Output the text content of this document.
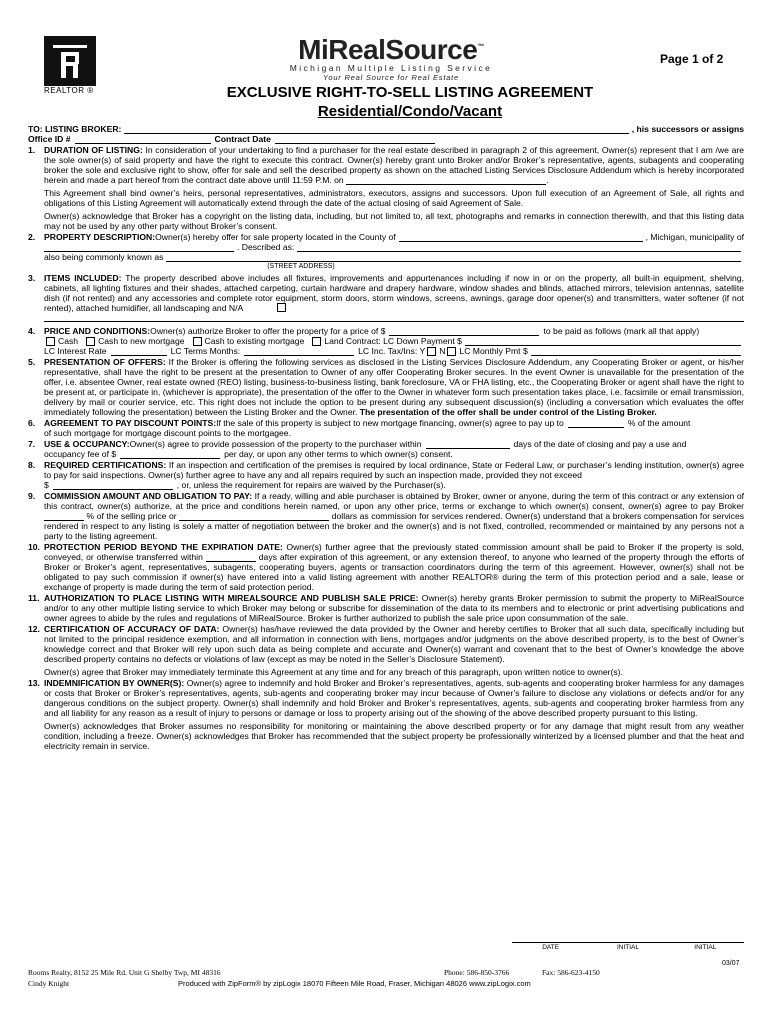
REALTOR ®
MiRealSource™
Michigan Multiple Listing Service
Your Real Source for Real Estate
Page 1 of 2
EXCLUSIVE RIGHT-TO-SELL LISTING AGREEMENT
Residential/Condo/Vacant
TO: LISTING BROKER:	, his successors or assigns
Office ID #	Contract Date
1. DURATION OF LISTING: In consideration of your undertaking to find a purchaser for the real estate described in paragraph 2 of this agreement, Owner(s) represent that I am /we are the sole owner(s) of said property and have the right to execute this contract. Owner(s) hereby grant unto Broker and/or Broker’s representative, agents, subagents and cooperating broker the sole and exclusive right to show, offer for sale and sell the described property as shown on the attached Listing Services Disclosure Addendum which is hereby incorporated herein and made a part hereof from the contract date above until 11:59 P.M. on	.
This Agreement shall bind owner’s heirs, personal representatives, administrators, executors, assigns and successors. Upon full execution of an Agreement of Sale, all rights and obligations of this Listing Agreement will automatically extend through the date of the actual closing of said Agreement of Sale.
Owner(s) acknowledge that Broker has a copyright on the listing data, including, but not limited to, all text, photographs and remarks in connection therewith, and that this listing data may not be used by any other party without Broker’s consent.
2. PROPERTY DESCRIPTION: Owner(s) hereby offer for sale property located in the County of	, Michigan, municipality of
. Described as:
also being commonly known as
(STREET ADDRESS)
3. ITEMS INCLUDED: The property described above includes all fixtures, improvements and appurtenances including if now in or on the property, all built-in equipment, shelving, cabinets, all lighting fixtures and their shades, attached carpeting, curtain hardware and drapery hardware, window shades and blinds, attached mirrors, television antennas, satellite dish (if not rented) and any accessories and complete rotor equipment, storm doors, storm windows, screens, awnings, garage door opener(s) and transmitters, water softener (if not rented), attached humidifier, all landscaping and N/A
4. PRICE AND CONDITIONS: Owner(s) authorize Broker to offer the property for a price of $	to be paid as follows (mark all that apply)
Cash Cash to new mortgage Cash to existing mortgage Land Contract: LC Down Payment $
LC Interest Rate	LC Terms Months:	LC Inc. Tax/Ins: Y N LC Monthly Pmt $
5. PRESENTATION OF OFFERS: If the Broker is offering the following services as disclosed in the Listing Services Disclosure Addendum, any Cooperating Broker or agent, or his/her representative, shall have the right to be present at the presentation to Owner of any offer Cooperating Broker secures. In the event Owner is unavailable for the presentation of the offer, i.e. absentee Owner, real estate owned (REO) listing, business-to-business listing, bank foreclosure, VA or FHA listing, etc., the Cooperating Broker or agent shall have the right to be present at, or participate in, (whichever is appropriate), the presentation of the offer to the Owner in whatever form such presentation takes place, i.e. facsimile or email transmission, delivery by mail or courier service, etc. This right does not include the option to be present during any subsequent discussion(s) (including a conversation which evaluates the offer immediately following the presentation) between the Listing Broker and the Owner. The presentation of the offer shall be under control of the Listing Broker.
6. AGREEMENT TO PAY DISCOUNT POINTS: If the sale of this property is subject to new mortgage financing, owner(s) agree to pay up to	% of the amount
of such mortgage for mortgage discount points to the mortgagee.
7. USE & OCCUPANCY: Owner(s) agree to provide possession of the property to the purchaser within	days of the date of closing and pay a use and
occupancy fee of $	per day, or upon any other terms to which owner(s) consent.
8. REQUIRED CERTIFICATIONS: If an inspection and certification of the premises is required by local ordinance, State or Federal Law, or purchaser’s lending institution, owner(s) agree to pay for said inspections. Owner(s) further agree to have any and all repairs required by such an inspection made, provided they not exceed
$	, or, unless the requirement for repairs are waived by the Purchaser(s).
9. COMMISSION AMOUNT AND OBLIGATION TO PAY: If a ready, willing and able purchaser is obtained by Broker, owner or anyone, during the term of this contract or any extension of this contract, owner(s) authorize, at the price and conditions herein named, or upon any other price, terms or exchange to which owner(s) consent, owner(s) agree to pay Broker  % of the selling price or	dollars as commission for services rendered. Owner(s) understand that a brokers compensation for services rendered in respect to any listing is solely a matter of negotiation between the broker and the owner(s) and is not fixed, controlled, recommended or maintained by any persons not a party to the listing agreement.
10. PROTECTION PERIOD BEYOND THE EXPIRATION DATE: Owner(s) further agree that the previously stated commission amount shall be paid to Broker if the property is sold, conveyed, or otherwise transferred within	days after expiration of this agreement, or any extension thereof, to anyone who learned of the property through the efforts of Broker or Broker’s agent, representatives, subagents, cooperating buyers, agents or transaction coordinators during the term of this agreement. However, owner(s) shall not be obligated to pay such commission if owner(s) have entered into a valid listing agreement with another REALTOR® during the term of this protection period and a sale, lease or exchange of property is made during the term of said protection period.
11. AUTHORIZATION TO PLACE LISTING WITH MIREALSOURCE AND PUBLISH SALE PRICE: Owner(s) hereby grants Broker permission to submit the property to MiRealSource and/or to any other multiple listing service to which Broker may belong or subscribe for dissemination of the data to its members and to electronic or print advertising publications and owner agrees to abide by the rules and regulations of MiRealSource. Broker is further authorized to publish the sale price upon consummation of the sale.
12. CERTIFICATION OF ACCURACY OF DATA: Owner(s) has/have reviewed the data provided by the Owner and hereby certifies to Broker that all such data, specifically including but not limited to the principal residence exemption, and all information in connection with liens, mortgages and/or judgments on the above described property, is to the best of Owner’s knowledge correct and that Broker will rely upon such data as being complete and accurate and Owner(s) warrant and covenant that to the best of Owner’s knowledge the above described property contains no defects or violations of law (except as may be noted in the Seller’s Disclosure Statement).
Owner(s) agree that Broker may immediately terminate this Agreement at any time and for any breach of this paragraph, upon written notice to owner(s).
13. INDEMNIFICATION BY OWNER(S): Owner(s) agree to indemnify and hold Broker and Broker’s representatives, agents, sub-agents and cooperating broker harmless for any damages or costs that Broker or Broker’s representatives, agents, sub-agents and cooperating broker may incur because of Owner’s failure to disclose any violations or defects and/or for any dangerous conditions on the subject property. Owner(s) shall indemnify and hold Broker and Broker’s representatives, agents, sub-agents and cooperating broker harmless from any and all liability for any reason as a result of injury to persons or damage or loss to property arising out of the showing of the above described property pursuant to this listing.
Owner(s) acknowledges that Broker assumes no responsibility for monitoring or maintaining the above described property or for any damage that might result from any weather condition, including a freeze. Owner(s) acknowledges that Broker has recommended that the subject property be professionally winterized by a licensed plumber and that the heat and electricity remain in service.
DATE	INITIAL	INITIAL
03/07
Rooms Realty, 8152 25 Mile Rd. Unit G Shelby Twp, MI 48316	Phone: 586-850-3766	Fax: 586-623-4150
Cindy Knight	Produced with ZipForm® by zipLogix 18070 Fifteen Mile Road, Fraser, Michigan 48026 www.zipLogix.com
